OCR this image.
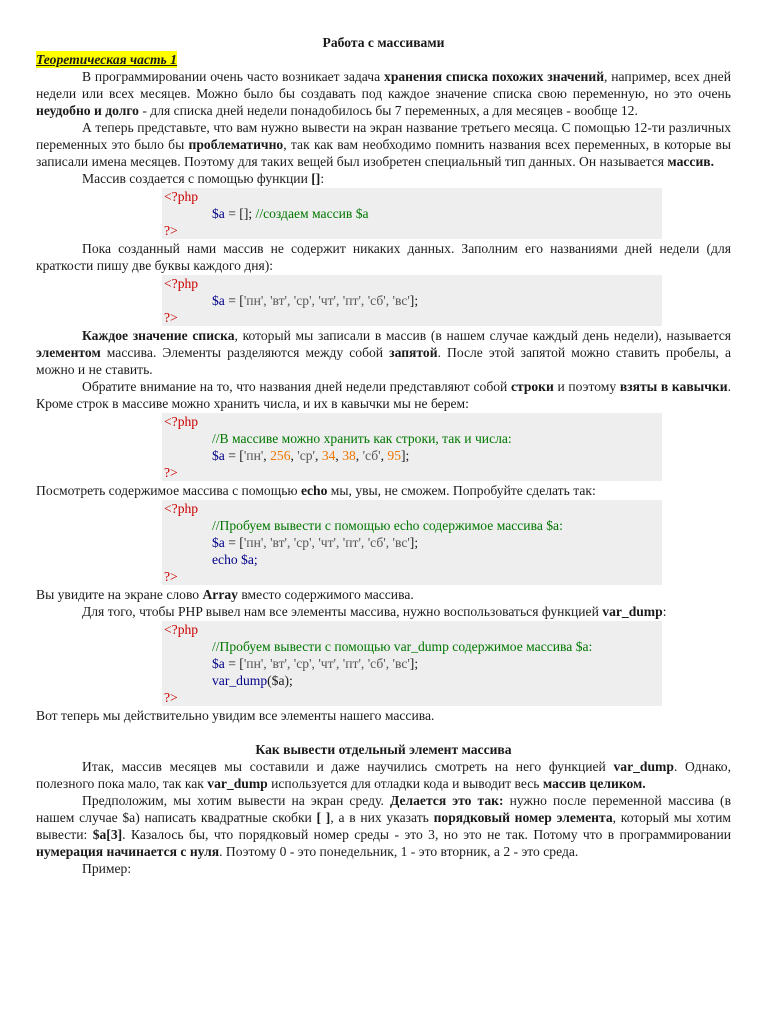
Работа с массивами

Теоретическая часть 1

В программировании очень часто возникает задача хранения списка похожих значений, например, всех дней недели или всех месяцев. Можно было бы создавать под каждое значение списка свою переменную, но это очень неудобно и долго - для списка дней недели понадобилось бы 7 переменных, а для месяцев - вообще 12.

А теперь представьте, что вам нужно вывести на экран название третьего месяца. С помощью 12-ти различных переменных это было бы проблематично, так как вам необходимо помнить названия всех переменных, в которые вы записали имена месяцев. Поэтому для таких вещей был изобретен специальный тип данных. Он называется массив.

Массив создается с помощью функции []:

<?php
$a = []; //создаем массив $a
?>

Пока созданный нами массив не содержит никаких данных. Заполним его названиями дней недели (для краткости пишу две буквы каждого дня):

<?php
$a = ['пн', 'вт', 'ср', 'чт', 'пт', 'сб', 'вс'];
?>

Каждое значение списка, который мы записали в массив (в нашем случае каждый день недели), называется элементом массива. Элементы разделяются между собой запятой. После этой запятой можно ставить пробелы, а можно и не ставить.

Обратите внимание на то, что названия дней недели представляют собой строки и поэтому взяты в кавычки. Кроме строк в массиве можно хранить числа, и их в кавычки мы не берем:

<?php
//В массиве можно хранить как строки, так и числа:
$a = ['пн', 256, 'ср', 34, 38, 'сб', 95];
?>

Посмотреть содержимое массива с помощью echo мы, увы, не сможем. Попробуйте сделать так:

<?php
//Пробуем вывести с помощью echo содержимое массива $a:
$a = ['пн', 'вт', 'ср', 'чт', 'пт', 'сб', 'вс'];
echo $a;
?>

Вы увидите на экране слово Array вместо содержимого массива.

Для того, чтобы PHP вывел нам все элементы массива, нужно воспользоваться функцией var_dump:

<?php
//Пробуем вывести с помощью var_dump содержимое массива $a:
$a = ['пн', 'вт', 'ср', 'чт', 'пт', 'сб', 'вс'];
var_dump($a);
?>

Вот теперь мы действительно увидим все элементы нашего массива.

Как вывести отдельный элемент массива

Итак, массив месяцев мы составили и даже научились смотреть на него функцией var_dump. Однако, полезного пока мало, так как var_dump используется для отладки кода и выводит весь массив целиком.

Предположим, мы хотим вывести на экран среду. Делается это так: нужно после переменной массива (в нашем случае $a) написать квадратные скобки [ ], а в них указать порядковый номер элемента, который мы хотим вывести: $a[3]. Казалось бы, что порядковый номер среды - это 3, но это не так. Потому что в программировании нумерация начинается с нуля. Поэтому 0 - это понедельник, 1 - это вторник, а 2 - это среда.

Пример:
